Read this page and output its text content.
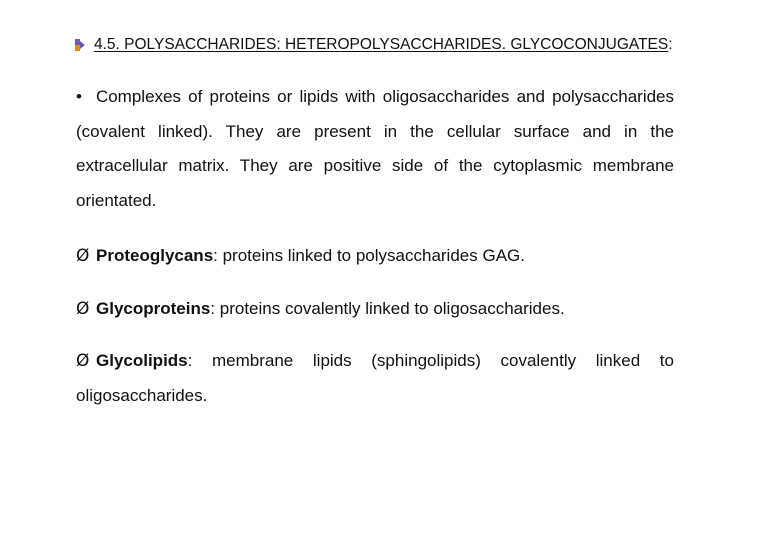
4.5. POLYSACCHARIDES: HETEROPOLYSACCHARIDES. GLYCOCONJUGATES :
• Complexes of proteins or lipids with oligosaccharides and polysaccharides (covalent linked). They are present in the cellular surface and in the extracellular matrix. They are positive side of the cytoplasmic membrane orientated.
Ø Proteoglycans: proteins linked to polysaccharides GAG.
Ø Glycoproteins: proteins covalently linked to oligosaccharides.
Ø Glycolipids: membrane lipids (sphingolipids) covalently linked to oligosaccharides.
